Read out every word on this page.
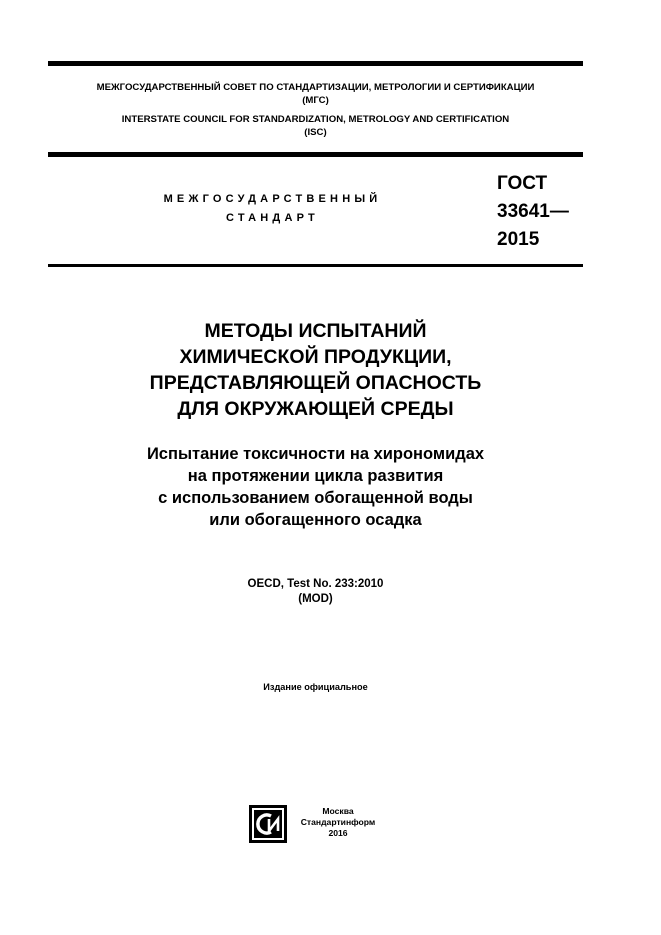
МЕЖГОСУДАРСТВЕННЫЙ СОВЕТ ПО СТАНДАРТИЗАЦИИ, МЕТРОЛОГИИ И СЕРТИФИКАЦИИ
(МГС)
INTERSTATE COUNCIL FOR STANDARDIZATION, METROLOGY AND CERTIFICATION
(ISC)
МЕЖГОСУДАРСТВЕННЫЙ
СТАНДАРТ
ГОСТ
33641—
2015
МЕТОДЫ ИСПЫТАНИЙ
ХИМИЧЕСКОЙ ПРОДУКЦИИ,
ПРЕДСТАВЛЯЮЩЕЙ ОПАСНОСТЬ
ДЛЯ ОКРУЖАЮЩЕЙ СРЕДЫ
Испытание токсичности на хирономидах
на протяжении цикла развития
с использованием обогащенной воды
или обогащенного осадка
OECD, Test No. 233:2010
(MOD)
Издание официальное
Москва
Стандартинформ
2016
